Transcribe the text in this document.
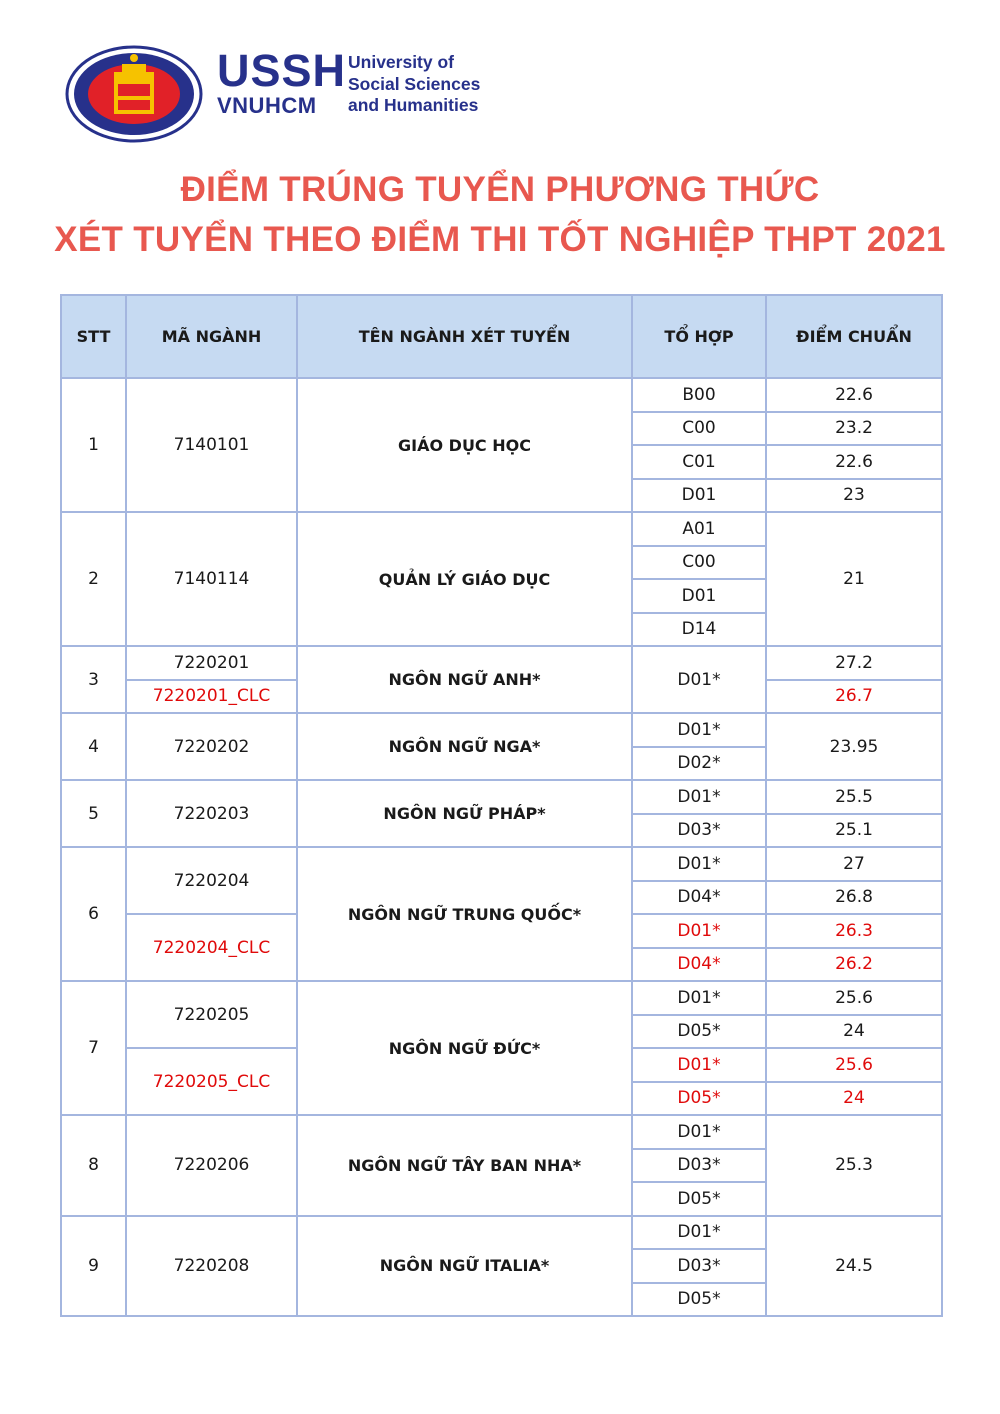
USSH
VNUHCM
University of
Social Sciences
and Humanities
ĐIỂM TRÚNG TUYỂN PHƯƠNG THỨC
XÉT TUYỂN THEO ĐIỂM THI TỐT NGHIỆP THPT 2021
STT	MÃ NGÀNH	TÊN NGÀNH XÉT TUYỂN	TỔ HỢP	ĐIỂM CHUẨN
1	7140101	GIÁO DỤC HỌC	B00	22.6
			C00	23.2
			C01	22.6
			D01	23
2	7140114	QUẢN LÝ GIÁO DỤC	A01	21
			C00	
			D01	
			D14	
3	7220201	NGÔN NGỮ ANH*	D01*	27.2
	7220201_CLC			26.7
4	7220202	NGÔN NGỮ NGA*	D01*	23.95
			D02*	
5	7220203	NGÔN NGỮ PHÁP*	D01*	25.5
			D03*	25.1
6	7220204	NGÔN NGỮ TRUNG QUỐC*	D01*	27
			D04*	26.8
	7220204_CLC		D01*	26.3
			D04*	26.2
7	7220205	NGÔN NGỮ ĐỨC*	D01*	25.6
			D05*	24
	7220205_CLC		D01*	25.6
			D05*	24
8	7220206	NGÔN NGỮ TÂY BAN NHA*	D01*	25.3
			D03*	
			D05*	
9	7220208	NGÔN NGỮ ITALIA*	D01*	24.5
			D03*	
			D05*	
